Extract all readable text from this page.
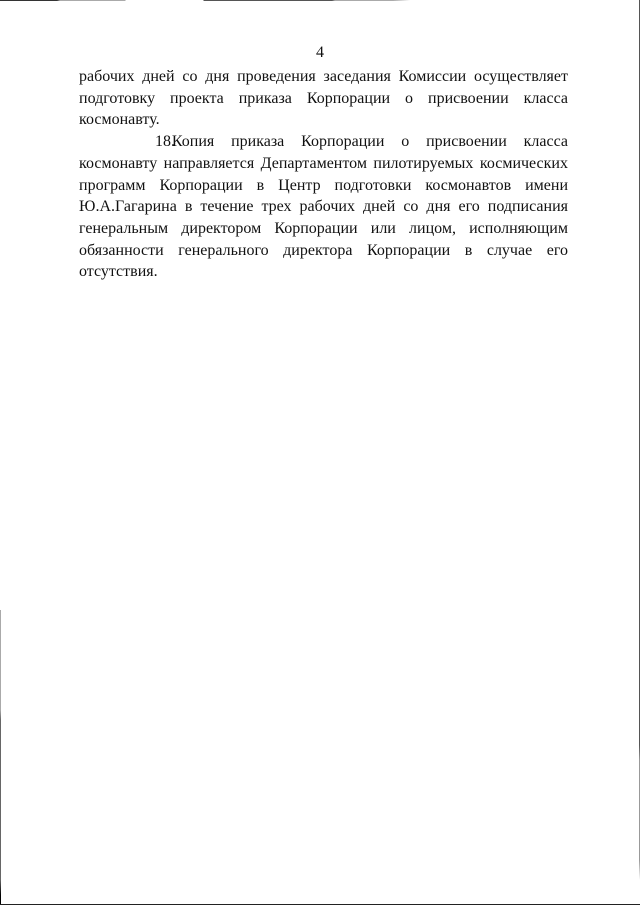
4

рабочих дней со дня проведения заседания Комиссии осуществляет подготовку проекта приказа Корпорации о присвоении класса космонавту.

18. Копия приказа Корпорации о присвоении класса космонавту направляется Департаментом пилотируемых космических программ Корпорации в Центр подготовки космонавтов имени Ю.А.Гагарина в течение трех рабочих дней со дня его подписания генеральным директором Корпорации или лицом, исполняющим обязанности генерального директора Корпорации в случае его отсутствия.
